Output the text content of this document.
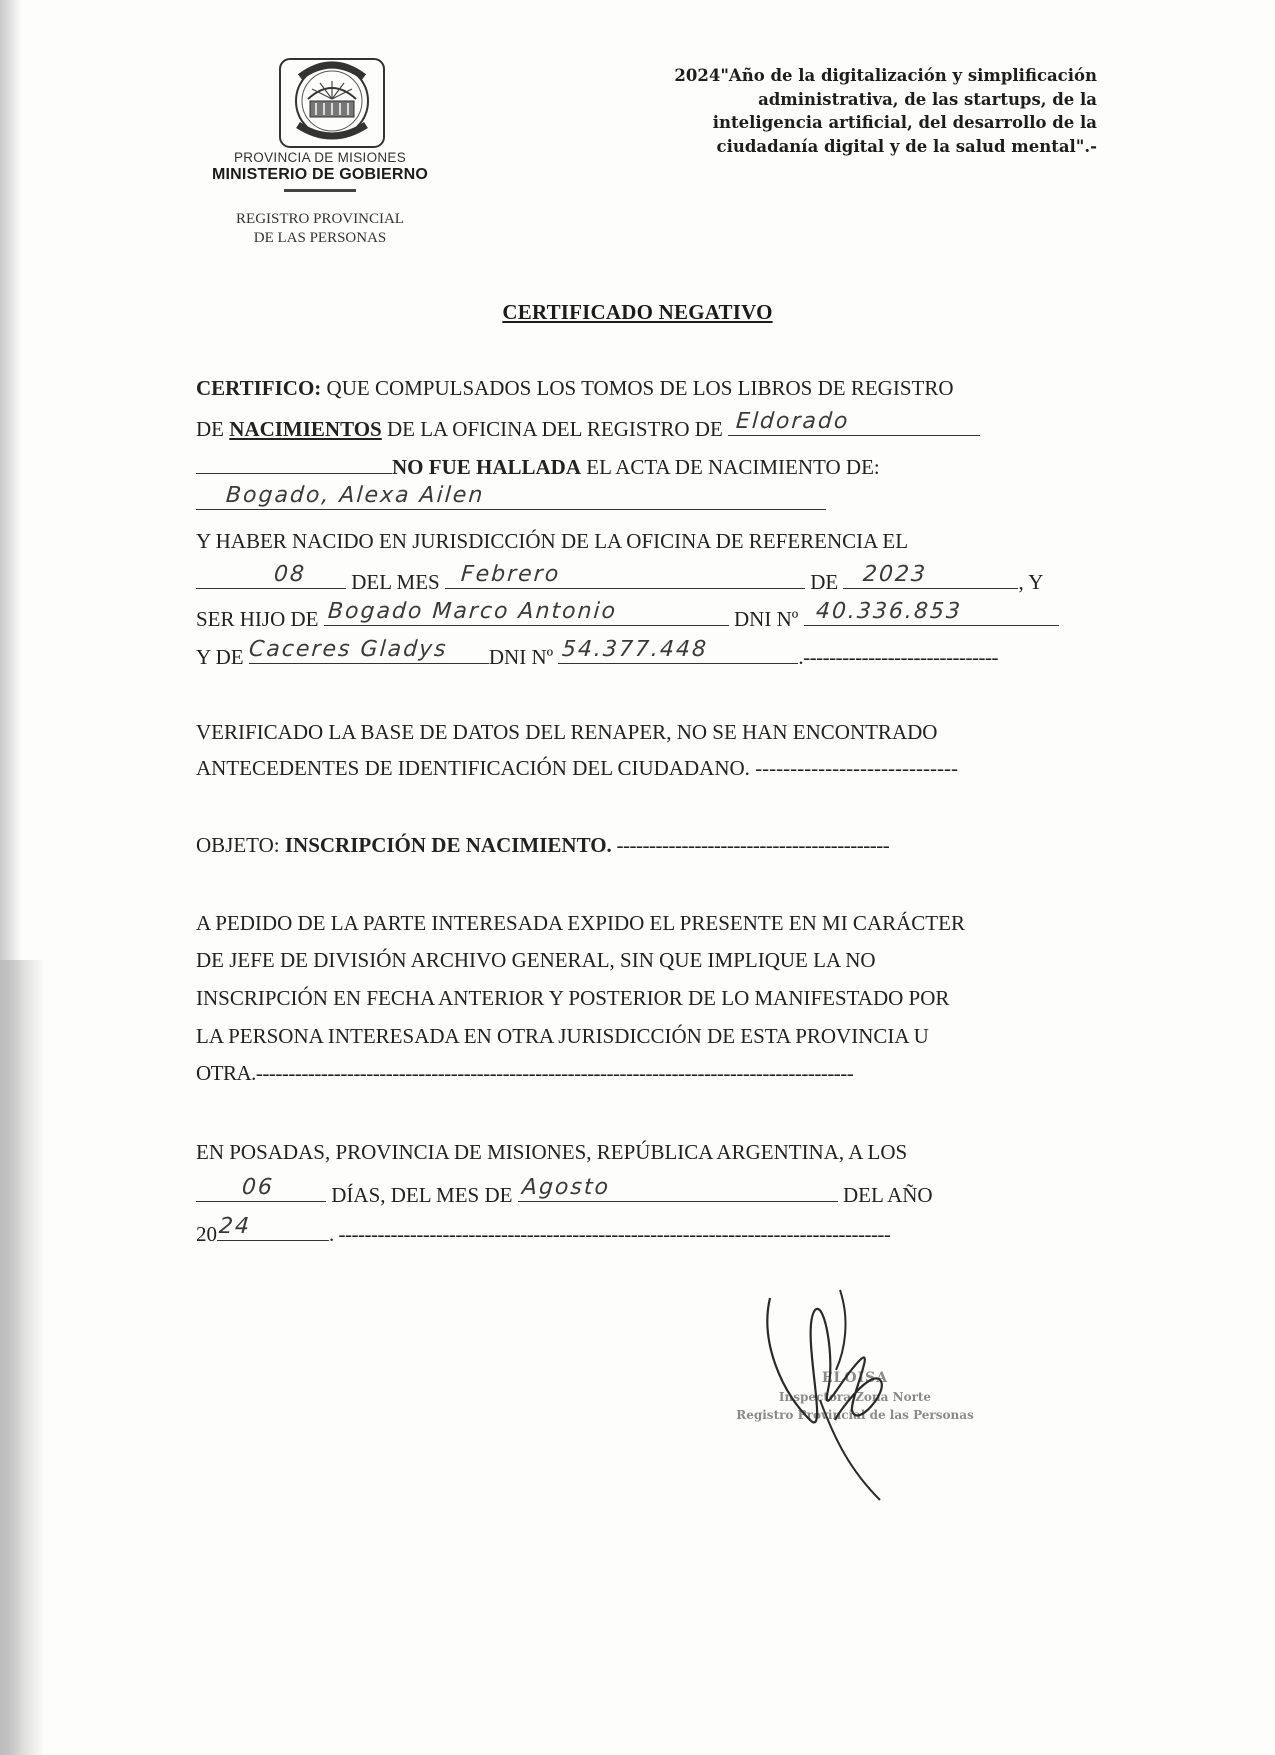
PROVINCIA DE MISIONES
MINISTERIO DE GOBIERNO
REGISTRO PROVINCIAL
DE LAS PERSONAS
2024"Año de la digitalización y simplificación
administrativa, de las startups, de la
inteligencia artificial, del desarrollo de la
ciudadanía digital y de la salud mental".-
CERTIFICADO NEGATIVO
CERTIFICO: QUE COMPULSADOS LOS TOMOS DE LOS LIBROS DE REGISTRO
DE NACIMIENTOS DE LA OFICINA DEL REGISTRO DE Eldorado
NO FUE HALLADA EL ACTA DE NACIMIENTO DE:
Bogado, Alexa Ailen
Y HABER NACIDO EN JURISDICCIÓN DE LA OFICINA DE REFERENCIA EL
08 DEL MES Febrero	DE 2023	, Y
SER HIJO DE Bogado Marco Antonio	DNI Nº 40.336.853
Y DE Caceres Gladys DNI Nº 54.377.448	.------------------------------
VERIFICADO LA BASE DE DATOS DEL RENAPER, NO SE HAN ENCONTRADO
ANTECEDENTES DE IDENTIFICACIÓN DEL CIUDADANO. -----------------------------
OBJETO: INSCRIPCIÓN DE NACIMIENTO. ------------------------------------------
A PEDIDO DE LA PARTE INTERESADA EXPIDO EL PRESENTE EN MI CARÁCTER
DE JEFE DE DIVISIÓN ARCHIVO GENERAL, SIN QUE IMPLIQUE LA NO
INSCRIPCIÓN EN FECHA ANTERIOR Y POSTERIOR DE LO MANIFESTADO POR
LA PERSONA INTERESADA EN OTRA JURISDICCIÓN DE ESTA PROVINCIA U
OTRA.--------------------------------------------------------------------------------------------
EN POSADAS, PROVINCIA DE MISIONES, REPÚBLICA ARGENTINA, A LOS
06 DÍAS, DEL MES DE Agosto	DEL AÑO
20 24	. -------------------------------------------------------------------------------------
ELOISA
Inspectora Zona Norte
Registro Provincial de las Personas
